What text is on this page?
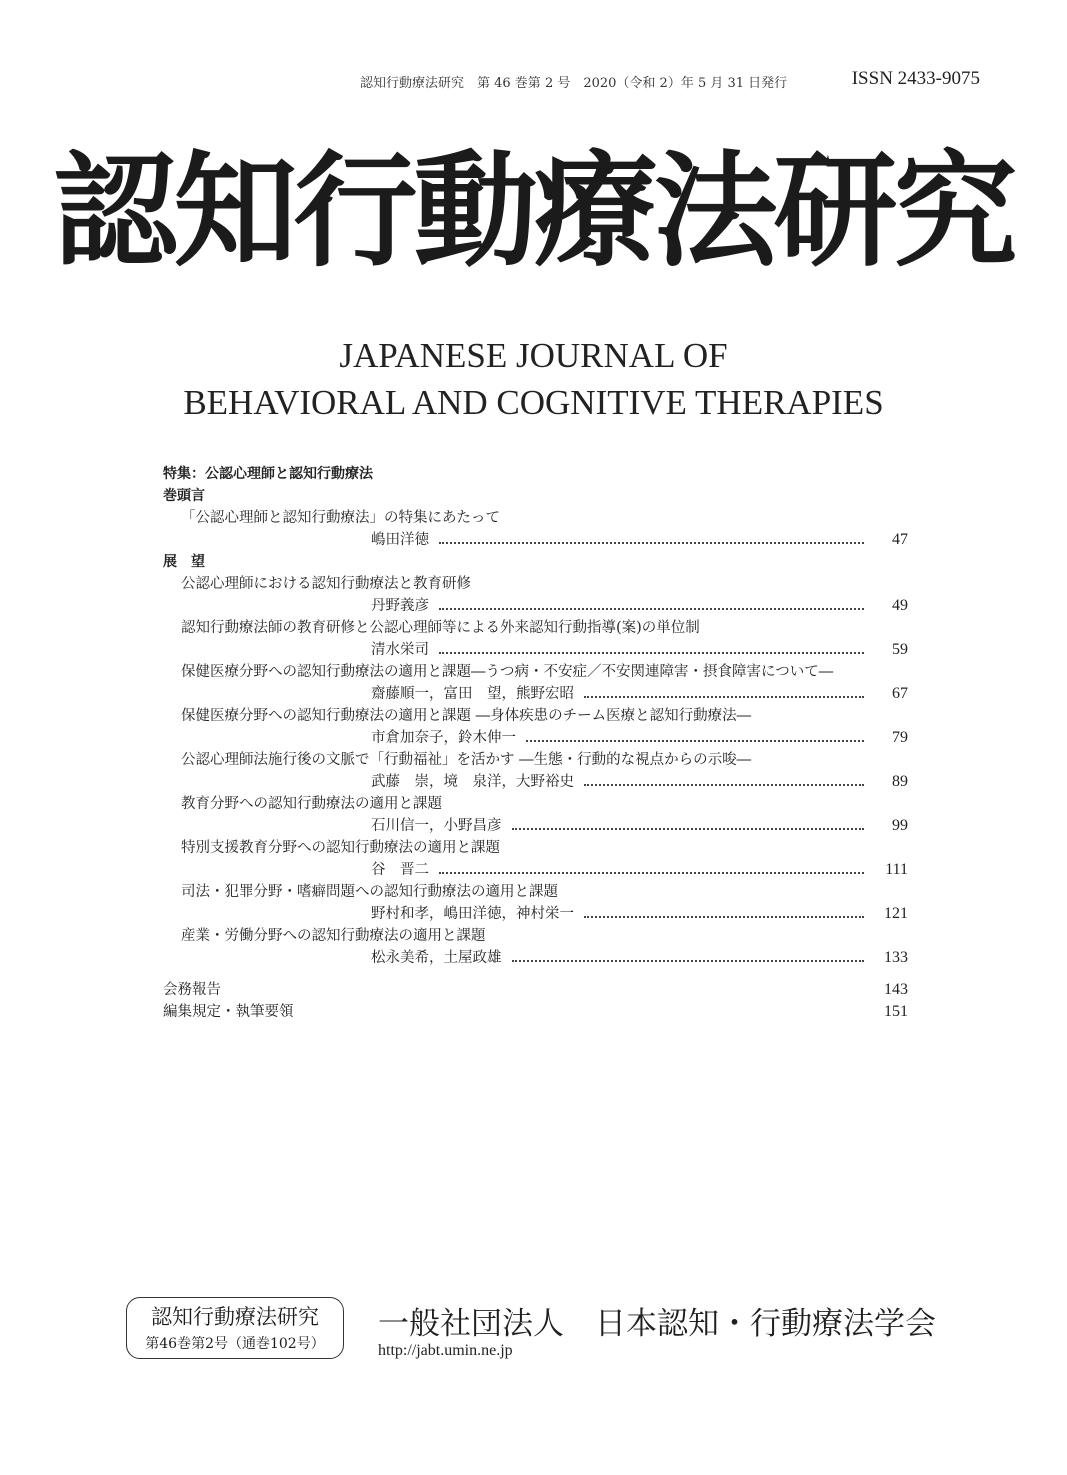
認知行動療法研究　第 46 巻第 2 号　2020（令和 2）年 5 月 31 日発行	ISSN 2433-9075
認知行動療法研究
JAPANESE JOURNAL OF
BEHAVIORAL AND COGNITIVE THERAPIES
特集：公認心理師と認知行動療法
巻頭言
「公認心理師と認知行動療法」の特集にあたって
嶋田洋徳	47
展　望
公認心理師における認知行動療法と教育研修
丹野義彦	49
認知行動療法師の教育研修と公認心理師等による外来認知行動指導(案)の単位制
清水栄司	59
保健医療分野への認知行動療法の適用と課題―うつ病・不安症／不安関連障害・摂食障害について―
齋藤順一，富田　望，熊野宏昭	67
保健医療分野への認知行動療法の適用と課題 ―身体疾患のチーム医療と認知行動療法―
市倉加奈子，鈴木伸一	79
公認心理師法施行後の文脈で「行動福祉」を活かす ―生態・行動的な視点からの示唆―
武藤　崇，境　泉洋，大野裕史	89
教育分野への認知行動療法の適用と課題
石川信一，小野昌彦	99
特別支援教育分野への認知行動療法の適用と課題
谷　晋二	111
司法・犯罪分野・嗜癖問題への認知行動療法の適用と課題
野村和孝，嶋田洋徳，神村栄一	121
産業・労働分野への認知行動療法の適用と課題
松永美希，土屋政雄	133
会務報告	143
編集規定・執筆要領	151
認知行動療法研究
第46巻第2号（通巻102号）
一般社団法人　日本認知・行動療法学会
http://jabt.umin.ne.jp
